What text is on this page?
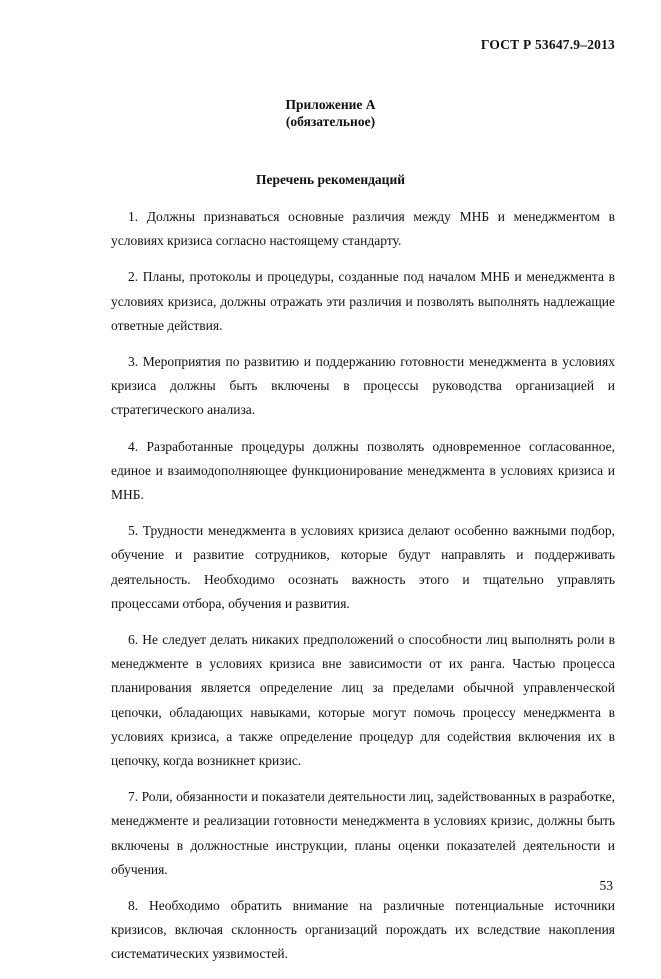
ГОСТ Р 53647.9–2013
Приложение А
(обязательное)
Перечень рекомендаций

1. Должны признаваться основные различия между МНБ и менеджментом в условиях кризиса согласно настоящему стандарту.

2. Планы, протоколы и процедуры, созданные под началом МНБ и менеджмента в условиях кризиса, должны отражать эти различия и позволять выполнять надлежащие ответные действия.

3. Мероприятия по развитию и поддержанию готовности менеджмента в условиях кризиса должны быть включены в процессы руководства организацией и стратегического анализа.

4. Разработанные процедуры должны позволять одновременное согласованное, единое и взаимодополняющее функционирование менеджмента в условиях кризиса и МНБ.

5. Трудности менеджмента в условиях кризиса делают особенно важными подбор, обучение и развитие сотрудников, которые будут направлять и поддерживать деятельность. Необходимо осознать важность этого и тщательно управлять процессами отбора, обучения и развития.

6. Не следует делать никаких предположений о способности лиц выполнять роли в менеджменте в условиях кризиса вне зависимости от их ранга. Частью процесса планирования является определение лиц за пределами обычной управленческой цепочки, обладающих навыками, которые могут помочь процессу менеджмента в условиях кризиса, а также определение процедур для содействия включения их в цепочку, когда возникнет кризис.

7. Роли, обязанности и показатели деятельности лиц, задействованных в разработке, менеджменте и реализации готовности менеджмента в условиях кризис, должны быть включены в должностные инструкции, планы оценки показателей деятельности и обучения.

8. Необходимо обратить внимание на различные потенциальные источники кризисов, включая склонность организаций порождать их вследствие накопления систематических уязвимостей.

53
